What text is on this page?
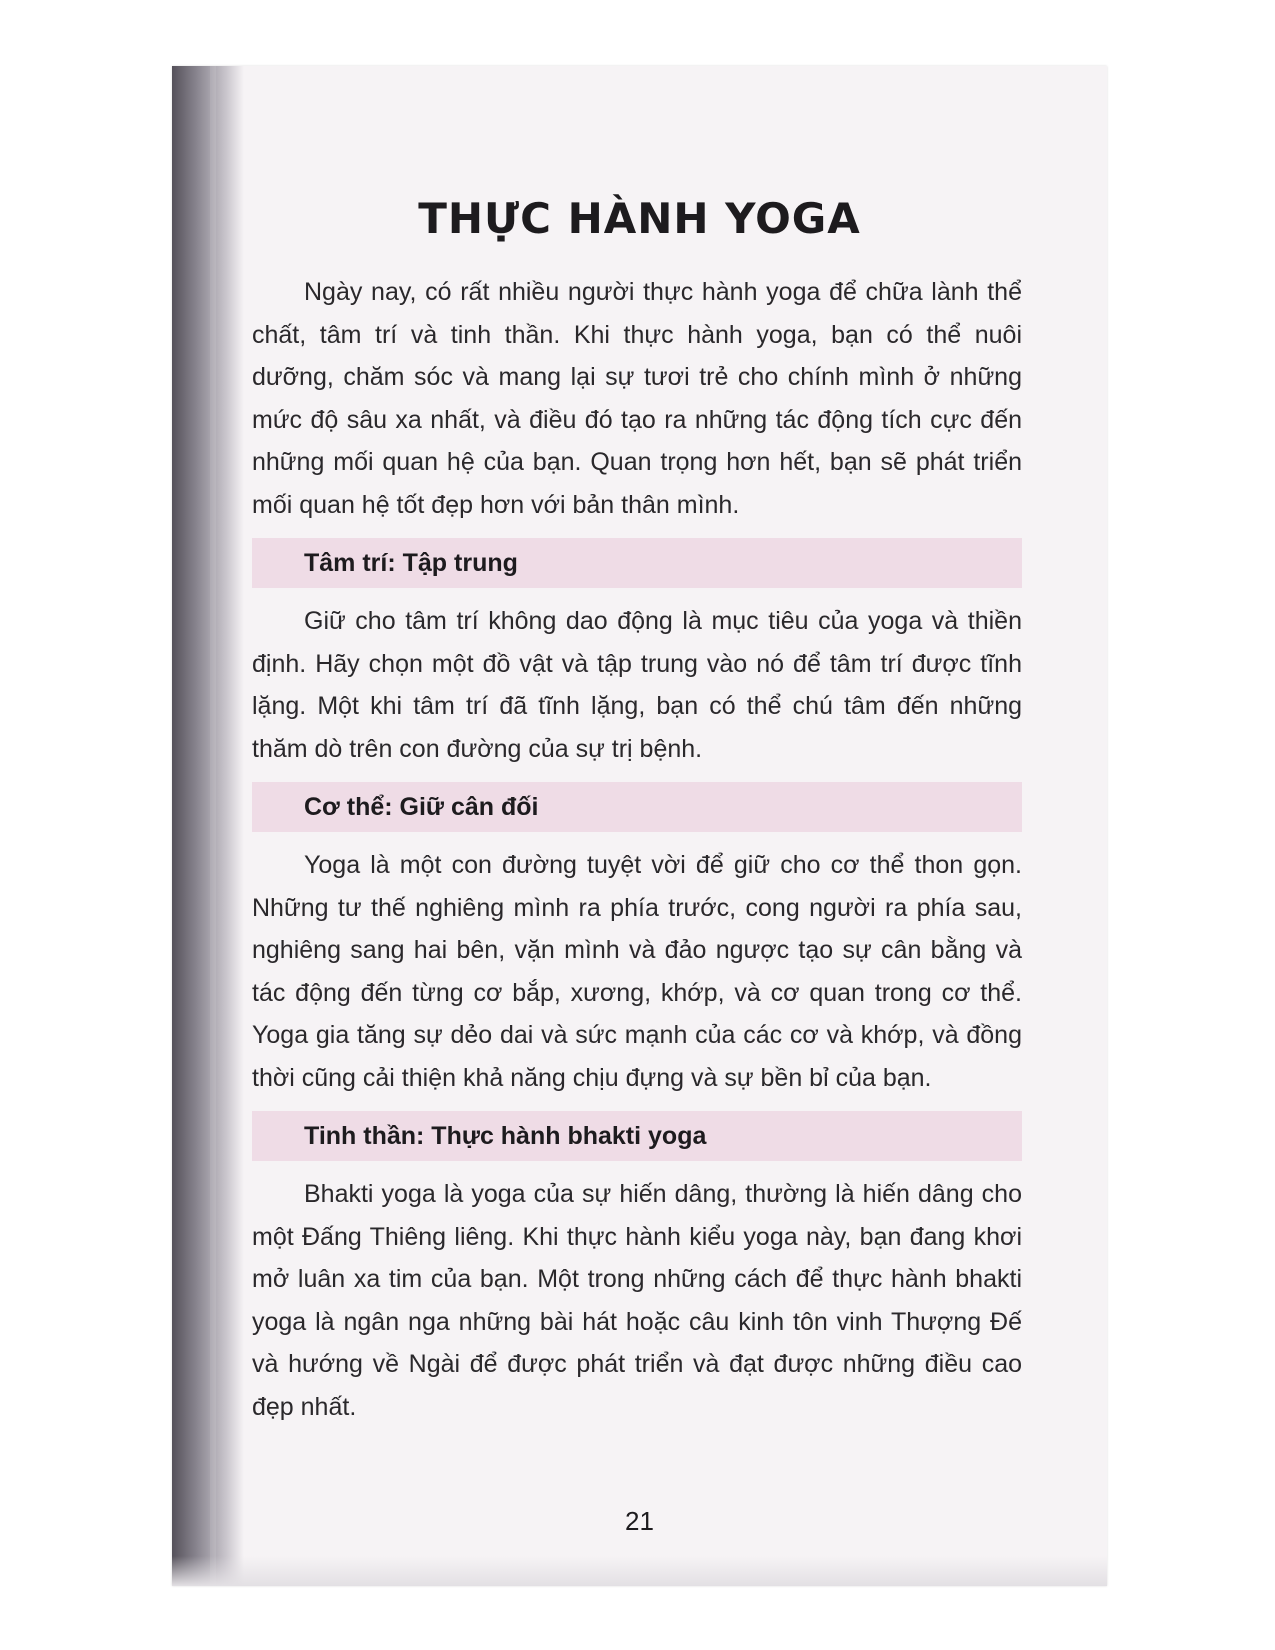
THỰC HÀNH YOGA

Ngày nay, có rất nhiều người thực hành yoga để chữa lành thể chất, tâm trí và tinh thần. Khi thực hành yoga, bạn có thể nuôi dưỡng, chăm sóc và mang lại sự tươi trẻ cho chính mình ở những mức độ sâu xa nhất, và điều đó tạo ra những tác động tích cực đến những mối quan hệ của bạn. Quan trọng hơn hết, bạn sẽ phát triển mối quan hệ tốt đẹp hơn với bản thân mình.

Tâm trí: Tập trung

Giữ cho tâm trí không dao động là mục tiêu của yoga và thiền định. Hãy chọn một đồ vật và tập trung vào nó để tâm trí được tĩnh lặng. Một khi tâm trí đã tĩnh lặng, bạn có thể chú tâm đến những thăm dò trên con đường của sự trị bệnh.

Cơ thể: Giữ cân đối

Yoga là một con đường tuyệt vời để giữ cho cơ thể thon gọn. Những tư thế nghiêng mình ra phía trước, cong người ra phía sau, nghiêng sang hai bên, vặn mình và đảo ngược tạo sự cân bằng và tác động đến từng cơ bắp, xương, khớp, và cơ quan trong cơ thể. Yoga gia tăng sự dẻo dai và sức mạnh của các cơ và khớp, và đồng thời cũng cải thiện khả năng chịu đựng và sự bền bỉ của bạn.

Tinh thần: Thực hành bhakti yoga

Bhakti yoga là yoga của sự hiến dâng, thường là hiến dâng cho một Đấng Thiêng liêng. Khi thực hành kiểu yoga này, bạn đang khơi mở luân xa tim của bạn. Một trong những cách để thực hành bhakti yoga là ngân nga những bài hát hoặc câu kinh tôn vinh Thượng Đế và hướng về Ngài để được phát triển và đạt được những điều cao đẹp nhất.

21
